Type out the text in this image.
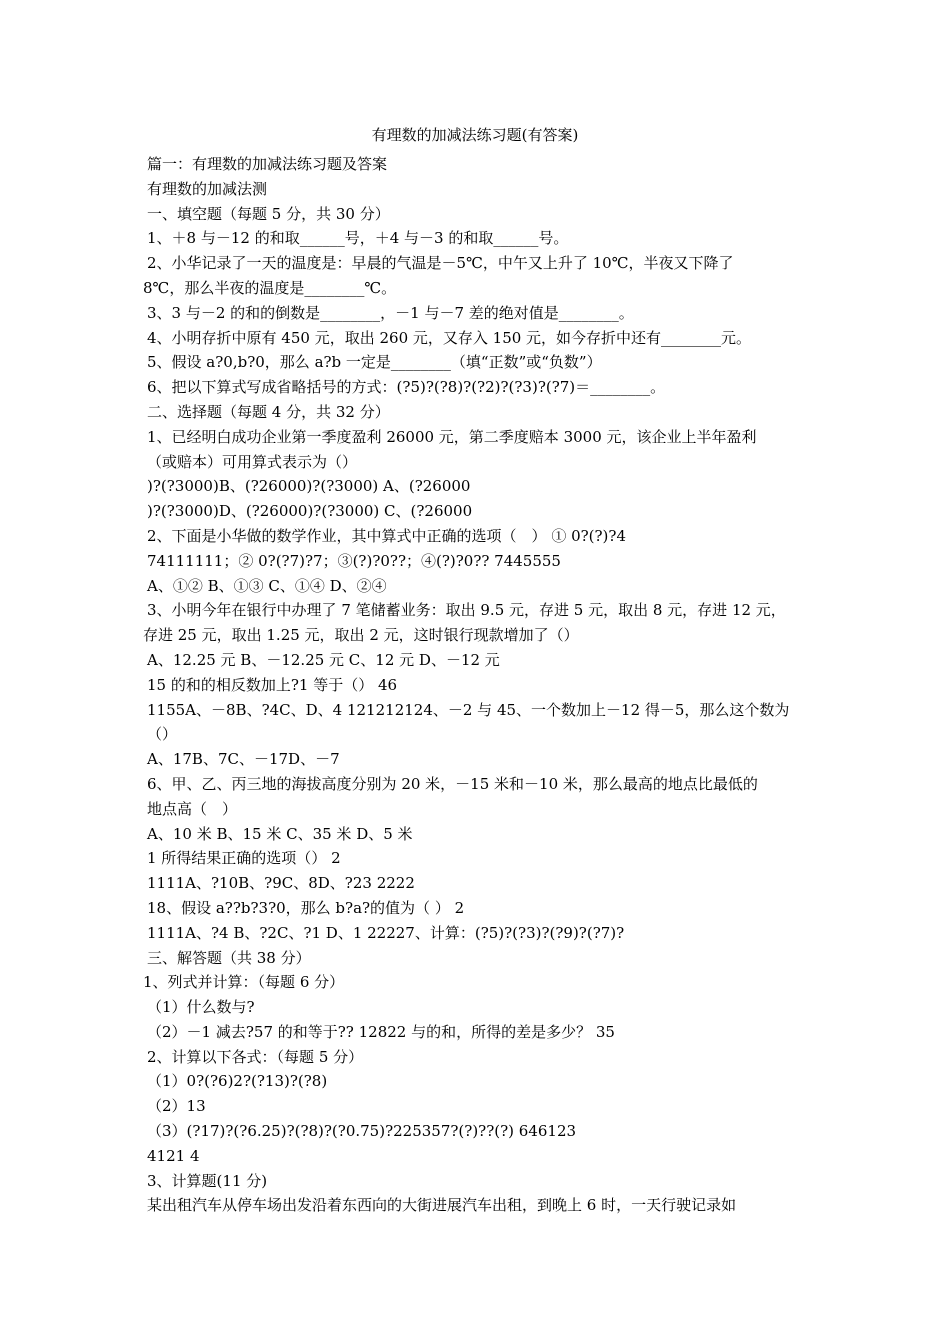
有理数的加减法练习题(有答案)
篇一：有理数的加减法练习题及答案
有理数的加减法测
一、填空题（每题 5 分，共 30 分）
1、＋8 与－12 的和取______号，＋4 与－3 的和取______号。
2、小华记录了一天的温度是：早晨的气温是－5℃，中午又上升了 10℃，半夜又下降了
8℃，那么半夜的温度是________℃。
3、3 与－2 的和的倒数是________，－1 与－7 差的绝对值是________。
4、小明存折中原有 450 元，取出 260 元，又存入 150 元，如今存折中还有________元。
5、假设 a?0,b?0，那么 a?b 一定是________（填“正数”或“负数”）
6、把以下算式写成省略括号的方式：(?5)?(?8)?(?2)?(?3)?(?7)＝________。
二、选择题（每题 4 分，共 32 分）
1、已经明白成功企业第一季度盈利 26000 元，第二季度赔本 3000 元，该企业上半年盈利
（或赔本）可用算式表示为（）
)?(?3000)B、(?26000)?(?3000) A、(?26000
)?(?3000)D、(?26000)?(?3000) C、(?26000
2、下面是小华做的数学作业，其中算式中正确的选项（　） ① 0?(?)?4
74111111；② 0?(?7)?7；③(?)?0??；④(?)?0?? 7445555
A、①② B、①③ C、①④ D、②④
3、小明今年在银行中办理了 7 笔储蓄业务：取出 9.5 元，存进 5 元，取出 8 元，存进 12 元，
存进 25 元，取出 1.25 元，取出 2 元，这时银行现款增加了（）
A、12.25 元 B、－12.25 元 C、12 元 D、－12 元
15 的和的相反数加上?1 等于（） 46
1155A、－8B、?4C、D、4 121212124、－2 与 45、一个数加上－12 得－5，那么这个数为
（）
A、17B、7C、－17D、－7
6、甲、乙、丙三地的海拔高度分别为 20 米，－15 米和－10 米，那么最高的地点比最低的
地点高（　）
A、10 米 B、15 米 C、35 米 D、5 米
1 所得结果正确的选项（） 2
1111A、?10B、?9C、8D、?23 2222
18、假设 a??b?3?0，那么 b?a?的值为（ ） 2
1111A、?4 B、?2C、?1 D、1 22227、计算：(?5)?(?3)?(?9)?(?7)?
三、解答题（共 38 分）
1、列式并计算：（每题 6 分）
（1）什么数与?
（2）－1 减去?57 的和等于?? 12822 与的和，所得的差是多少？ 35
2、计算以下各式：（每题 5 分）
（1）0?(?6)2?(?13)?(?8)
（2）13
（3）(?17)?(?6.25)?(?8)?(?0.75)?225357?(?)??(?) 646123
4121 4
3、计算题(11 分)
某出租汽车从停车场出发沿着东西向的大街进展汽车出租，到晚上 6 时，一天行驶记录如
